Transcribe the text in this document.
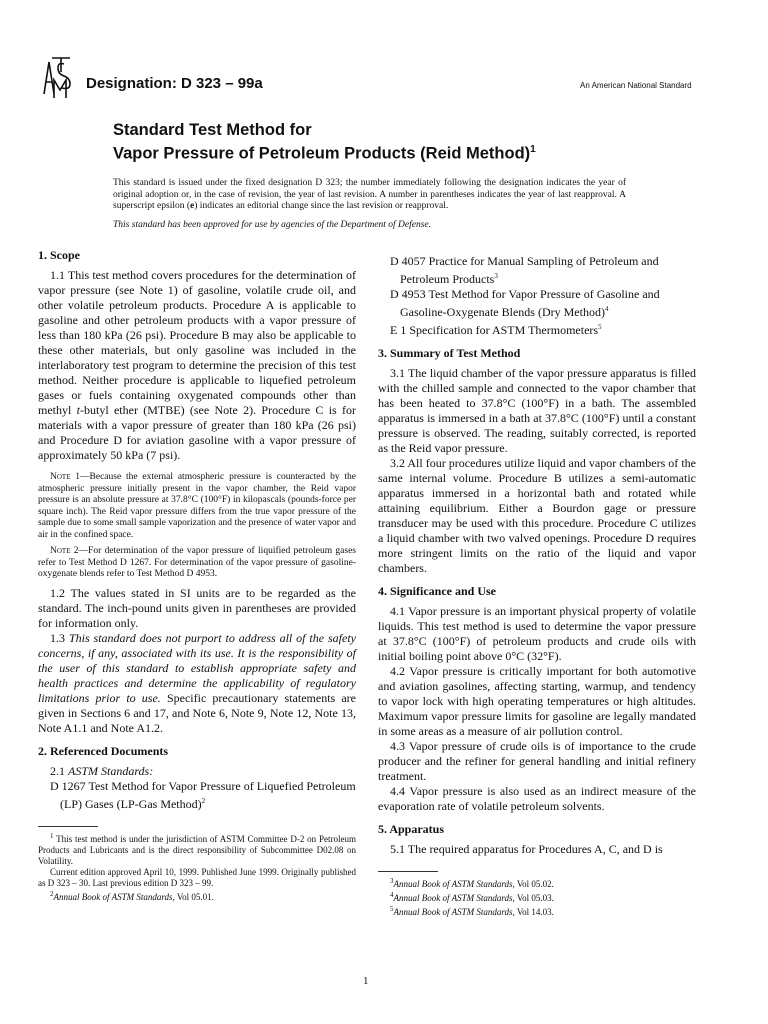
Designation: D 323 – 99a	An American National Standard
Standard Test Method for
Vapor Pressure of Petroleum Products (Reid Method)$^1$
This standard is issued under the fixed designation D 323; the number immediately following the designation indicates the year of original adoption or, in the case of revision, the year of last revision. A number in parentheses indicates the year of last reapproval. A superscript epsilon (e) indicates an editorial change since the last revision or reapproval.
This standard has been approved for use by agencies of the Department of Defense.
1. Scope

1.1 This test method covers procedures for the determination of vapor pressure (see Note 1) of gasoline, volatile crude oil, and other volatile petroleum products. Procedure A is applicable to gasoline and other petroleum products with a vapor pressure of less than 180 kPa (26 psi). Procedure B may also be applicable to these other materials, but only gasoline was included in the interlaboratory test program to determine the precision of this test method. Neither procedure is applicable to liquefied petroleum gases or fuels containing oxygenated compounds other than methyl t-butyl ether (MTBE) (see Note 2). Procedure C is for materials with a vapor pressure of greater than 180 kPa (26 psi) and Procedure D for aviation gasoline with a vapor pressure of approximately 50 kPa (7 psi).

Note 1—Because the external atmospheric pressure is counteracted by the atmospheric pressure initially present in the vapor chamber, the Reid vapor pressure is an absolute pressure at 37.8°C (100°F) in kilopascals (pounds-force per square inch). The Reid vapor pressure differs from the true vapor pressure of the sample due to some small sample vaporization and the presence of water vapor and air in the confined space.
Note 2—For determination of the vapor pressure of liquified petroleum gases refer to Test Method D 1267. For determination of the vapor pressure of gasoline-oxygenate blends refer to Test Method D 4953.

1.2 The values stated in SI units are to be regarded as the standard. The inch-pound units given in parentheses are provided for information only.

1.3 This standard does not purport to address all of the safety concerns, if any, associated with its use. It is the responsibility of the user of this standard to establish appropriate safety and health practices and determine the applicability of regulatory limitations prior to use. Specific precautionary statements are given in Sections 6 and 17, and Note 6, Note 9, Note 12, Note 13, Note A1.1 and Note A1.2.

2. Referenced Documents

2.1 ASTM Standards:

D 1267 Test Method for Vapor Pressure of Liquefied Petroleum (LP) Gases (LP-Gas Method)$^2$

$^1$ This test method is under the jurisdiction of ASTM Committee D-2 on Petroleum Products and Lubricants and is the direct responsibility of Subcommittee D02.08 on Volatility.
Current edition approved April 10, 1999. Published June 1999. Originally published as D 323 – 30. Last previous edition D 323 – 99.
$^2$Annual Book of ASTM Standards, Vol 05.01.

D 4057 Practice for Manual Sampling of Petroleum and Petroleum Products$^3$

D 4953 Test Method for Vapor Pressure of Gasoline and Gasoline-Oxygenate Blends (Dry Method)$^4$

E 1 Specification for ASTM Thermometers$^5$

3. Summary of Test Method

3.1 The liquid chamber of the vapor pressure apparatus is filled with the chilled sample and connected to the vapor chamber that has been heated to 37.8°C (100°F) in a bath. The assembled apparatus is immersed in a bath at 37.8°C (100°F) until a constant pressure is observed. The reading, suitably corrected, is reported as the Reid vapor pressure.

3.2 All four procedures utilize liquid and vapor chambers of the same internal volume. Procedure B utilizes a semi-automatic apparatus immersed in a horizontal bath and rotated while attaining equilibrium. Either a Bourdon gage or pressure transducer may be used with this procedure. Procedure C utilizes a liquid chamber with two valved openings. Procedure D requires more stringent limits on the ratio of the liquid and vapor chambers.

4. Significance and Use

4.1 Vapor pressure is an important physical property of volatile liquids. This test method is used to determine the vapor pressure at 37.8°C (100°F) of petroleum products and crude oils with initial boiling point above 0°C (32°F).

4.2 Vapor pressure is critically important for both automotive and aviation gasolines, affecting starting, warmup, and tendency to vapor lock with high operating temperatures or high altitudes. Maximum vapor pressure limits for gasoline are legally mandated in some areas as a measure of air pollution control.

4.3 Vapor pressure of crude oils is of importance to the crude producer and the refiner for general handling and initial refinery treatment.

4.4 Vapor pressure is also used as an indirect measure of the evaporation rate of volatile petroleum solvents.

5. Apparatus

5.1 The required apparatus for Procedures A, C, and D is

$^3$Annual Book of ASTM Standards, Vol 05.02.
$^4$Annual Book of ASTM Standards, Vol 05.03.
$^5$Annual Book of ASTM Standards, Vol 14.03.
1
